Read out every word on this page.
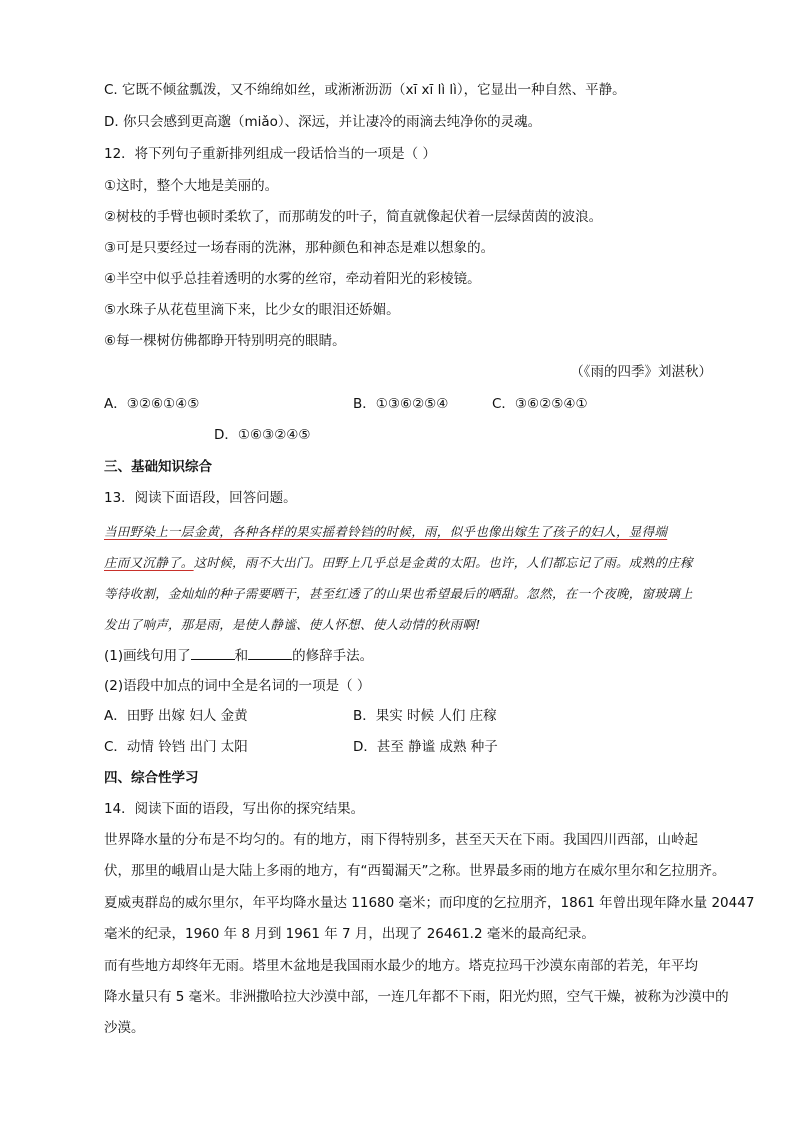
C. 它既不倾盆瓢泼，又不绵绵如丝，或淅淅沥沥（xī xī lì lì），它显出一种自然、平静。
D. 你只会感到更高邈（miǎo）、深远，并让凄冷的雨滴去纯净你的灵魂。
12．将下列句子重新排列组成一段话恰当的一项是（ ）
①这时，整个大地是美丽的。
②树枝的手臂也顿时柔软了，而那萌发的叶子，简直就像起伏着一层绿茵茵的波浪。
③可是只要经过一场春雨的洗淋，那种颜色和神态是难以想象的。
④半空中似乎总挂着透明的水雾的丝帘，牵动着阳光的彩棱镜。
⑤水珠子从花苞里滴下来，比少女的眼泪还娇媚。
⑥每一棵树仿佛都睁开特别明亮的眼睛。
（《雨的四季》刘湛秋）
A．③②⑥①④⑤	B．①③⑥②⑤④	C．③⑥②⑤④①
D．①⑥③②④⑤
三、基础知识综合
13．阅读下面语段，回答问题。
当田野染上一层金黄，各种各样的果实摇着铃铛的时候，雨，似乎也像出嫁生了孩子的妇人，显得端
庄而又沉静了。这时候，雨不大出门。田野上几乎总是金黄的太阳。也许，人们都忘记了雨。成熟的庄稼
等待收割，金灿灿的种子需要晒干，甚至红透了的山果也希望最后的晒甜。忽然，在一个夜晚，窗玻璃上
发出了响声，那是雨，是使人静谧、使人怀想、使人动情的秋雨啊!
(1)画线句用了	和	的修辞手法。
(2)语段中加点的词中全是名词的一项是（ ）
A．田野 出嫁 妇人 金黄	B．果实 时候 人们 庄稼
C．动情 铃铛 出门 太阳	D．甚至 静谧 成熟 种子
四、综合性学习
14．阅读下面的语段，写出你的探究结果。
世界降水量的分布是不均匀的。有的地方，雨下得特别多，甚至天天在下雨。我国四川西部，山岭起
伏，那里的峨眉山是大陆上多雨的地方，有“西蜀漏天”之称。世界最多雨的地方在威尔里尔和乞拉朋齐。
夏威夷群岛的威尔里尔，年平均降水量达 11680 毫米；而印度的乞拉朋齐，1861 年曾出现年降水量 20447
毫米的纪录，1960 年 8 月到 1961 年 7 月，出现了 26461.2 毫米的最高纪录。
而有些地方却终年无雨。塔里木盆地是我国雨水最少的地方。塔克拉玛干沙漠东南部的若羌，年平均
降水量只有 5 毫米。非洲撒哈拉大沙漠中部，一连几年都不下雨，阳光灼照，空气干燥，被称为沙漠中的
沙漠。
